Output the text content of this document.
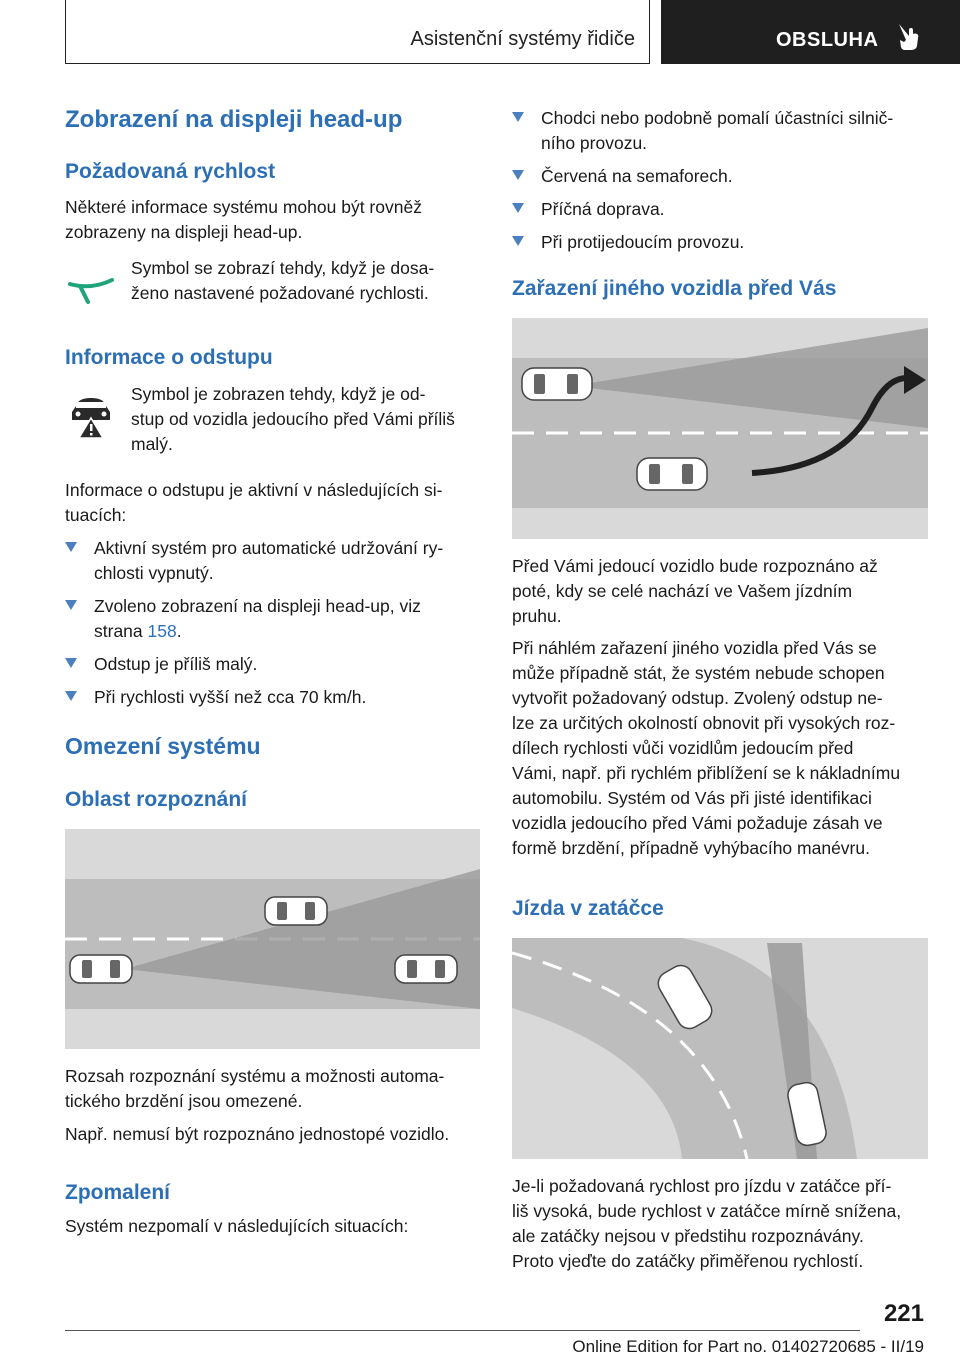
Asistenční systémy řidiče	OBSLUHA
Zobrazení na displeji head-up
Požadovaná rychlost

Některé informace systému mohou být rovněž

zobrazeny na displeji head-up.

Symbol se zobrazí tehdy, když je dosa-

ženo nastavené požadované rychlosti.

Informace o odstupu

Symbol je zobrazen tehdy, když je od-

stup od vozidla jedoucího před Vámi příliš

malý.

Informace o odstupu je aktivní v následujících si-

tuacích:

Aktivní systém pro automatické udržování ry-
chlosti vypnutý.
Zvoleno zobrazení na displeji head-up, viz
strana 158.
Odstup je příliš malý.
Při rychlosti vyšší než cca 70 km/h.
Omezení systému
Oblast rozpoznání

Rozsah rozpoznání systému a možnosti automa-

tického brzdění jsou omezené.

Např. nemusí být rozpoznáno jednostopé vozidlo.

Zpomalení

Systém nezpomalí v následujících situacích:

Chodci nebo podobně pomalí účastníci silnič-
ního provozu.
Červená na semaforech.
Příčná doprava.
Při protijedoucím provozu.
Zařazení jiného vozidla před Vás

Před Vámi jedoucí vozidlo bude rozpoznáno až

poté, kdy se celé nachází ve Vašem jízdním

pruhu.

Při náhlém zařazení jiného vozidla před Vás se

může případně stát, že systém nebude schopen

vytvořit požadovaný odstup. Zvolený odstup ne-

lze za určitých okolností obnovit při vysokých roz-

dílech rychlosti vůči vozidlům jedoucím před

Vámi, např. při rychlém přiblížení se k nákladnímu

automobilu. Systém od Vás při jisté identifikaci

vozidla jedoucího před Vámi požaduje zásah ve

formě brzdění, případně vyhýbacího manévru.

Jízda v zatáčce

Je-li požadovaná rychlost pro jízdu v zatáčce pří-

liš vysoká, bude rychlost v zatáčce mírně snížena,

ale zatáčky nejsou v předstihu rozpoznávány.

Proto vjeďte do zatáčky přiměřenou rychlostí.

221
Online Edition for Part no. 01402720685 - II/19
